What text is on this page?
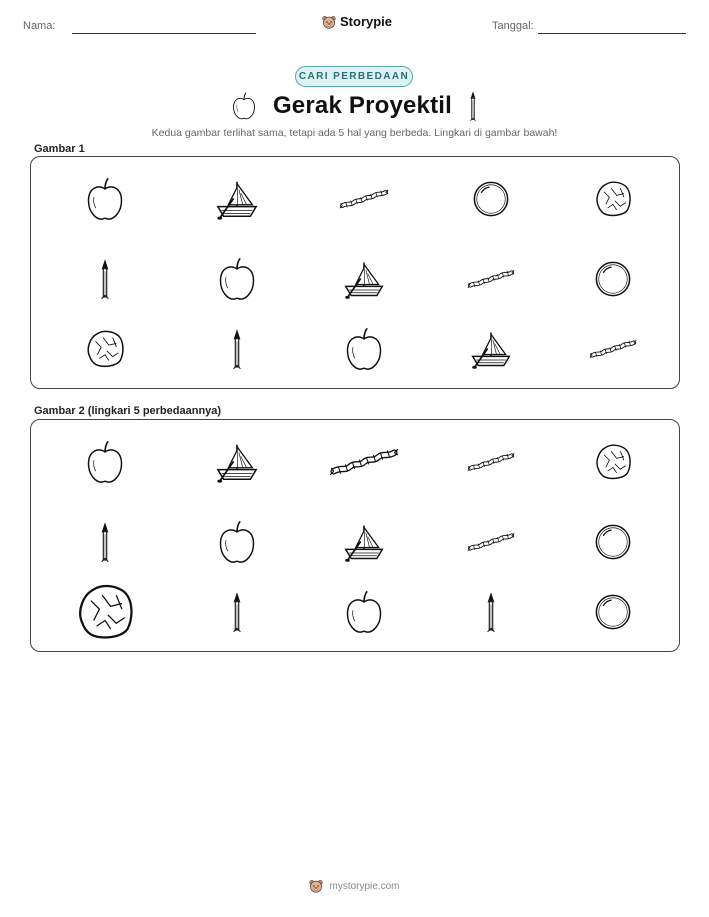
Nama:	Storypie	Tanggal:
CARI PERBEDAAN
Gerak Proyektil
Kedua gambar terlihat sama, tetapi ada 5 hal yang berbeda. Lingkari di gambar bawah!
Gambar 1
Gambar 2 (lingkari 5 perbedaannya)
mystorypie.com
